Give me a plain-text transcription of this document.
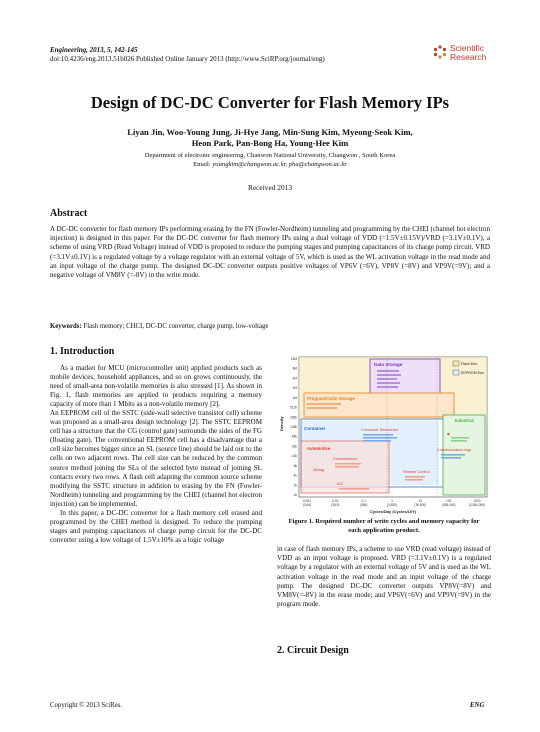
Engineering, 2013, 5, 142-145
doi:10.4236/eng.2013.51b026 Published Online January 2013 (http://www.SciRP.org/journal/eng)
Scientific
Research
Design of DC-DC Converter for Flash Memory IPs
Liyan Jin, Woo-Young Jung, Ji-Hye Jang, Min-Sung Kim, Myeong-Seok Kim,
Heon Park, Pan-Bong Ha, Young-Hee Kim
Department of electronic engineering, Chanwon National University, Changwon , South Korea
Email: youngkim@changwon.ac.kr, pha@changwon.ac.kr
Received 2013
Abstract
A DC-DC converter for flash memory IPs performing erasing by the FN (Fowler-Nordheim) tunneling and programming by the CHEI (channel hot electron injection) is designed in this paper. For the DC-DC converter for flash memory IPs using a dual voltage of VDD (=1.5V±0.15V)/VRD (=3.1V±0.1V), a scheme of using VRD (Read Voltage) instead of VDD is proposed to reduce the pumping stages and pumping capacitances of its charge pump circuit. VRD (=3.1V±0.1V) is a regulated voltage by a voltage regulator with an external voltage of 5V, which is used as the WL activation voltage in the read mode and an input voltage of the charge pump. The designed DC-DC converter outputs positive voltages of VP6V (=6V), VP8V (=8V) and VP9V(=9V); and a negative voltage of VM8V (=-8V) in the write mode.
Keywords: Flash memory; CHCI, DC-DC converter, charge pump, low-voltage
1. Introduction

As a market for MCU (microcontroller unit) applied products such as mobile devices, household appliances, and so on grows continuously, the need of small-area non-volatile memories is also stressed [1]. As shown in Fig. 1, flash memories are applied to products requiring a memory capacity of more than 1 Mbits as a non-volatile memory [2].

An EEPROM cell of the SSTC (side-wall selective transistor cell) scheme was proposed as a small-area design technology [2]. The SSTC EEPROM cell has a structure that the CG (control gate) surrounds the sides of the FG (floating gate). The conventional EEPROM cell has a disadvantage that a cell size becomes bigger since an SL (source line) should be laid out to the cells on two adjacent rows. The cell size can be reduced by the common source method joining the SLs of the selected byte instead of joining SL contacts every two rows. A flash cell adapting the common source scheme modifying the SSTC structure in addition to erasing by the FN (Fowler-Nordheim) tunneling and programming by the CHEI (channel hot electron injection) can be implemented.

In this paper, a DC-DC converter for a flash memory cell erased and programmed by the CHEI method is designed. To reduce the pumping stages and pumping capacitances of charge pump circuit for the DC-DC converter using a low voltage of 1.5V±10% as a logic voltage

Data Storage
Program/Code Storage
Flash Env.
EEPROM Env.
Container
Industrial
Automotive
Consumer Electronics
◆
Communication eqp.
Conveniences
Airbag	Remote Control
A/C
16M
8M
4M
2M
1M
512k
256k
128k
64k
32k
16k
8k
4k
2k
1k
0.001
(3.65)
0.01
(36.5)
0.1
(365)
1
(3,650)
10
(36,500)
100
(365,000)
1000
(3,650,000)
Density
Cycles/Day (Cycles/10Y)
Figure 1. Required number of write cycles and memory capacity for each application product.
in case of flash memory IPs, a scheme to use VRD (read voltage) instead of VDD as an input voltage is proposed. VRD (=3.1V±0.1V) is a regulated voltage by a regulator with an external voltage of 5V and is used as the WL activation voltage in the read mode and an input voltage of the charge pump. The designed DC-DC converter outputs VP8V(=8V) and VM8V(=-8V) in the erase mode; and VP6V(=6V) and VP9V(=9V) in the program mode.
2. Circuit Design
Copyright © 2013 SciRes.	ENG
